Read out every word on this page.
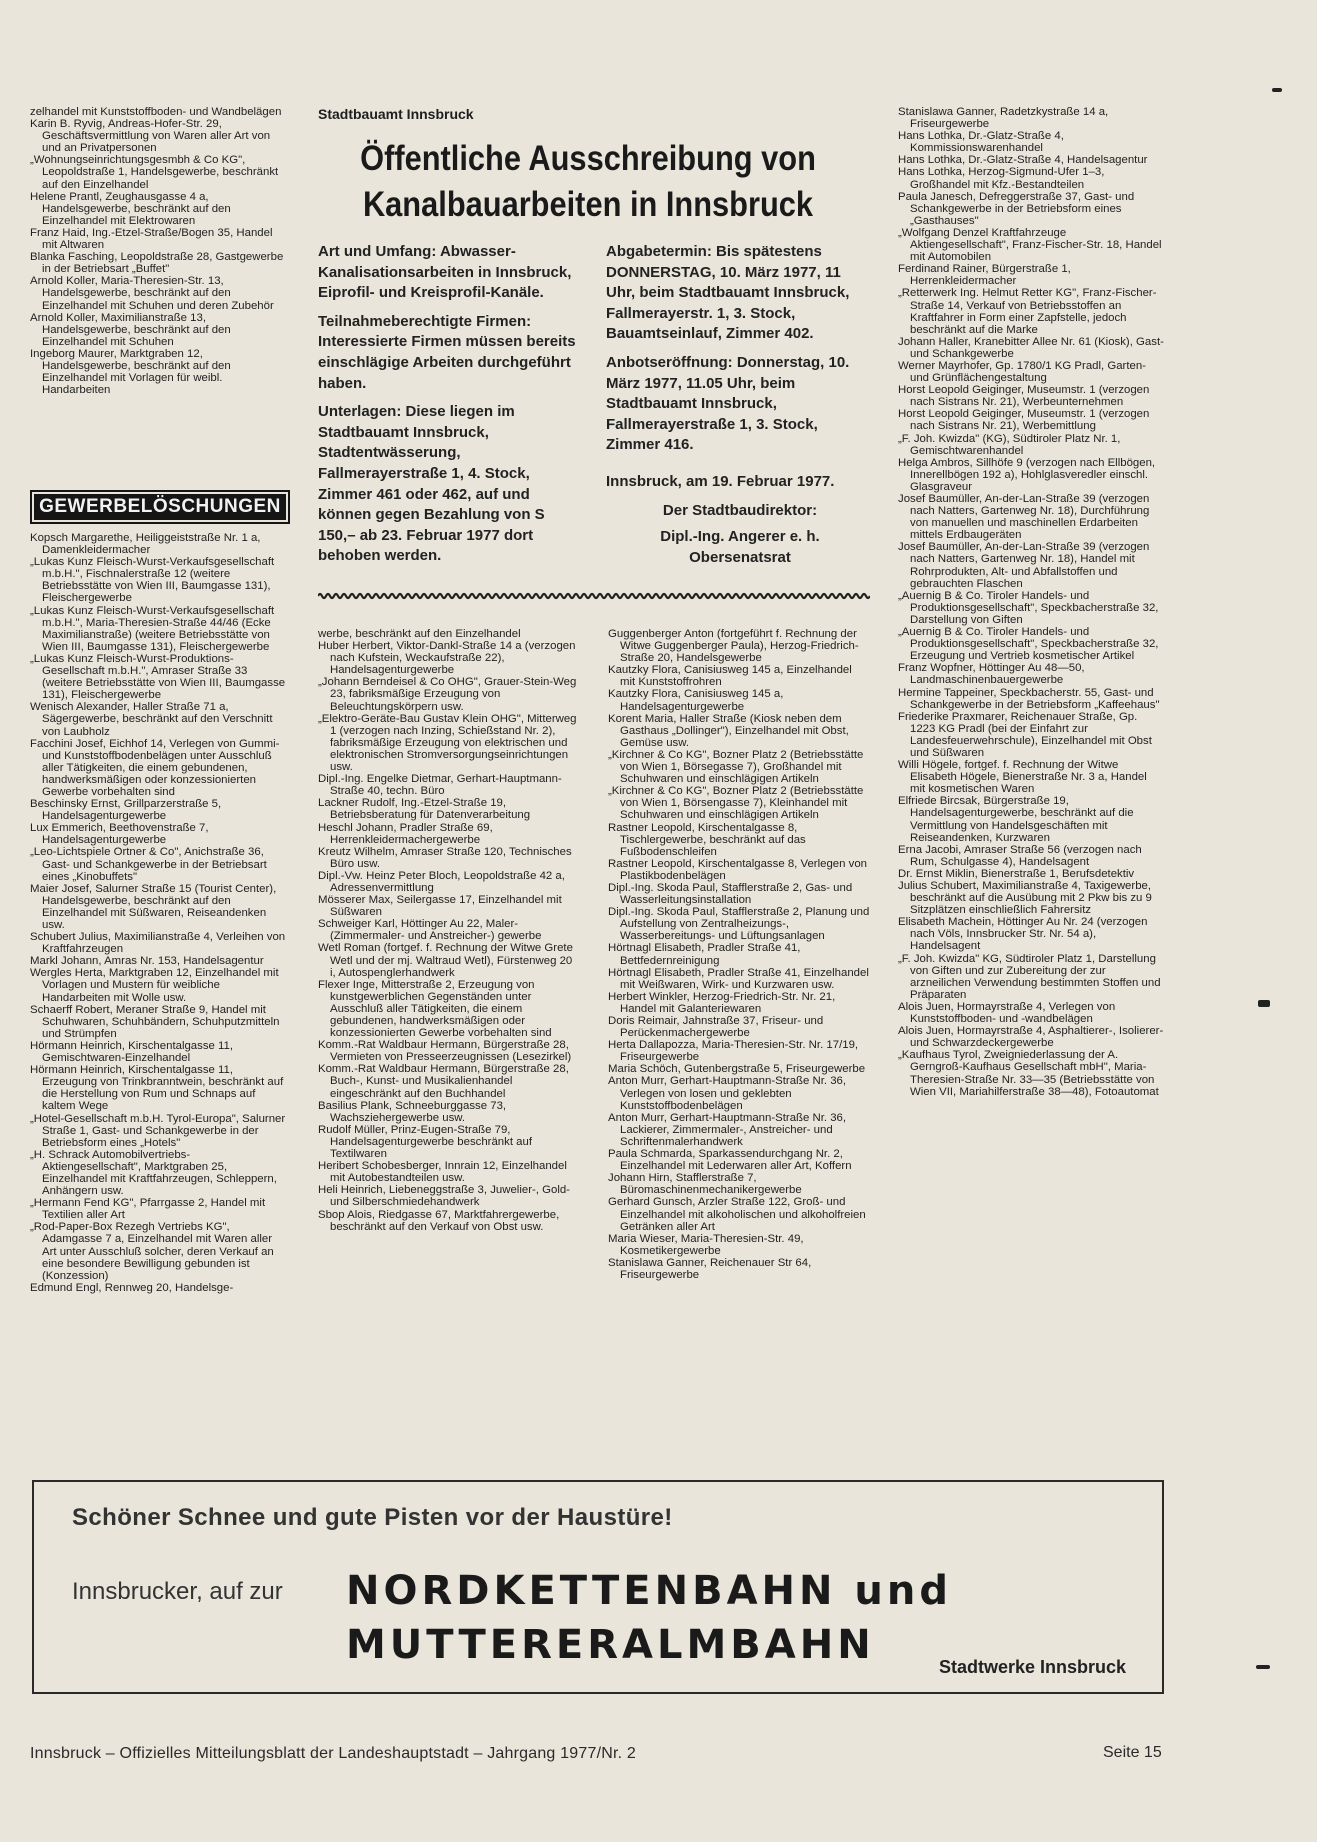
zelhandel mit Kunststoffboden- und Wandbelägen
Karin B. Ryvig, Andreas-Hofer-Str. 29, Geschäftsvermittlung von Waren aller Art von und an Privatpersonen
„Wohnungseinrichtungsgesmbh & Co KG", Leopoldstraße 1, Handelsgewerbe, beschränkt auf den Einzelhandel
Helene Prantl, Zeughausgasse 4 a, Handelsgewerbe, beschränkt auf den Einzelhandel mit Elektrowaren
Franz Haid, Ing.-Etzel-Straße/Bogen 35, Handel mit Altwaren
Blanka Fasching, Leopoldstraße 28, Gastgewerbe in der Betriebsart „Buffet"
Arnold Koller, Maria-Theresien-Str. 13, Handelsgewerbe, beschränkt auf den Einzelhandel mit Schuhen und deren Zubehör
Arnold Koller, Maximilianstraße 13, Handelsgewerbe, beschränkt auf den Einzelhandel mit Schuhen
Ingeborg Maurer, Marktgraben 12, Handelsgewerbe, beschränkt auf den Einzelhandel mit Vorlagen für weibl. Handarbeiten
GEWERBELÖSCHUNGEN
Kopsch Margarethe, Heiliggeiststraße Nr. 1 a, Damenkleidermacher
„Lukas Kunz Fleisch-Wurst-Verkaufsgesellschaft m.b.H.", Fischnalerstraße 12 (weitere Betriebsstätte von Wien III, Baumgasse 131), Fleischergewerbe
„Lukas Kunz Fleisch-Wurst-Verkaufsgesellschaft m.b.H.", Maria-Theresien-Straße 44/46 (Ecke Maximilianstraße) (weitere Betriebsstätte von Wien III, Baumgasse 131), Fleischergewerbe
„Lukas Kunz Fleisch-Wurst-Produktions-Gesellschaft m.b.H.", Amraser Straße 33 (weitere Betriebsstätte von Wien III, Baumgasse 131), Fleischergewerbe
Wenisch Alexander, Haller Straße 71 a, Sägergewerbe, beschränkt auf den Verschnitt von Laubholz
Facchini Josef, Eichhof 14, Verlegen von Gummi- und Kunststoffbodenbelägen unter Ausschluß aller Tätigkeiten, die einem gebundenen, handwerksmäßigen oder konzessionierten Gewerbe vorbehalten sind
Beschinsky Ernst, Grillparzerstraße 5, Handelsagenturgewerbe
Lux Emmerich, Beethovenstraße 7, Handelsagenturgewerbe
„Leo-Lichtspiele Ortner & Co", Anichstraße 36, Gast- und Schankgewerbe in der Betriebsart eines „Kinobuffets"
Maier Josef, Salurner Straße 15 (Tourist Center), Handelsgewerbe, beschränkt auf den Einzelhandel mit Süßwaren, Reiseandenken usw.
Schubert Julius, Maximilianstraße 4, Verleihen von Kraftfahrzeugen
Markl Johann, Amras Nr. 153, Handelsagentur
Wergles Herta, Marktgraben 12, Einzelhandel mit Vorlagen und Mustern für weibliche Handarbeiten mit Wolle usw.
Schaerff Robert, Meraner Straße 9, Handel mit Schuhwaren, Schuhbändern, Schuhputzmitteln und Strümpfen
Hörmann Heinrich, Kirschentalgasse 11, Gemischtwaren-Einzelhandel
Hörmann Heinrich, Kirschentalgasse 11, Erzeugung von Trinkbranntwein, beschränkt auf die Herstellung von Rum und Schnaps auf kaltem Wege
„Hotel-Gesellschaft m.b.H. Tyrol-Europa", Salurner Straße 1, Gast- und Schankgewerbe in der Betriebsform eines „Hotels"
„H. Schrack Automobilvertriebs-Aktiengesellschaft", Marktgraben 25, Einzelhandel mit Kraftfahrzeugen, Schleppern, Anhängern usw.
„Hermann Fend KG", Pfarrgasse 2, Handel mit Textilien aller Art
„Rod-Paper-Box Rezegh Vertriebs KG", Adamgasse 7 a, Einzelhandel mit Waren aller Art unter Ausschluß solcher, deren Verkauf an eine besondere Bewilligung gebunden ist (Konzession)
Edmund Engl, Rennweg 20, Handelsge-
Stadtbauamt Innsbruck
Öffentliche Ausschreibung von
Kanalbauarbeiten in Innsbruck

Art und Umfang: Abwasser-Kanalisationsarbeiten in Innsbruck, Eiprofil- und Kreisprofil-Kanäle.

Teilnahmeberechtigte Firmen: Interessierte Firmen müssen bereits einschlägige Arbeiten durchgeführt haben.

Unterlagen: Diese liegen im Stadtbauamt Innsbruck, Stadtentwässerung, Fallmerayerstraße 1, 4. Stock, Zimmer 461 oder 462, auf und können gegen Bezahlung von S 150,– ab 23. Februar 1977 dort behoben werden.

Abgabetermin: Bis spätestens DONNERSTAG, 10. März 1977, 11 Uhr, beim Stadtbauamt Innsbruck, Fallmerayerstr. 1, 3. Stock, Bauamtseinlauf, Zimmer 402.

Anbotseröffnung: Donnerstag, 10. März 1977, 11.05 Uhr, beim Stadtbauamt Innsbruck, Fallmerayerstraße 1, 3. Stock, Zimmer 416.

Innsbruck, am 19. Februar 1977.

Der Stadtbaudirektor:
Dipl.-Ing. Angerer e. h.
Obersenatsrat
werbe, beschränkt auf den Einzelhandel
Huber Herbert, Viktor-Dankl-Straße 14 a (verzogen nach Kufstein, Weckaufstraße 22), Handelsagenturgewerbe
„Johann Berndeisel & Co OHG", Grauer-Stein-Weg 23, fabriksmäßige Erzeugung von Beleuchtungskörpern usw.
„Elektro-Geräte-Bau Gustav Klein OHG", Mitterweg 1 (verzogen nach Inzing, Schießstand Nr. 2), fabriksmäßige Erzeugung von elektrischen und elektronischen Stromversorgungseinrichtungen usw.
Dipl.-Ing. Engelke Dietmar, Gerhart-Hauptmann-Straße 40, techn. Büro
Lackner Rudolf, Ing.-Etzel-Straße 19, Betriebsberatung für Datenverarbeitung
Heschl Johann, Pradler Straße 69, Herrenkleidermachergewerbe
Kreutz Wilhelm, Amraser Straße 120, Technisches Büro usw.
Dipl.-Vw. Heinz Peter Bloch, Leopoldstraße 42 a, Adressenvermittlung
Mösserer Max, Seilergasse 17, Einzelhandel mit Süßwaren
Schweiger Karl, Höttinger Au 22, Maler-(Zimmermaler- und Anstreicher-) gewerbe
Wetl Roman (fortgef. f. Rechnung der Witwe Grete Wetl und der mj. Waltraud Wetl), Fürstenweg 20 i, Autospenglerhandwerk
Flexer Inge, Mitterstraße 2, Erzeugung von kunstgewerblichen Gegenständen unter Ausschluß aller Tätigkeiten, die einem gebundenen, handwerksmäßigen oder konzessionierten Gewerbe vorbehalten sind
Komm.-Rat Waldbaur Hermann, Bürgerstraße 28, Vermieten von Presseerzeugnissen (Lesezirkel)
Komm.-Rat Waldbaur Hermann, Bürgerstraße 28, Buch-, Kunst- und Musikalienhandel eingeschränkt auf den Buchhandel
Basilius Plank, Schneeburggasse 73, Wachsziehergewerbe usw.
Rudolf Müller, Prinz-Eugen-Straße 79, Handelsagenturgewerbe beschränkt auf Textilwaren
Heribert Schobesberger, Innrain 12, Einzelhandel mit Autobestandteilen usw.
Heli Heinrich, Liebeneggstraße 3, Juwelier-, Gold- und Silberschmiedehandwerk
Sbop Alois, Riedgasse 67, Marktfahrergewerbe, beschränkt auf den Verkauf von Obst usw.
Guggenberger Anton (fortgeführt f. Rechnung der Witwe Guggenberger Paula), Herzog-Friedrich-Straße 20, Handelsgewerbe
Kautzky Flora, Canisiusweg 145 a, Einzelhandel mit Kunststoffrohren
Kautzky Flora, Canisiusweg 145 a, Handelsagenturgewerbe
Korent Maria, Haller Straße (Kiosk neben dem Gasthaus „Dollinger"), Einzelhandel mit Obst, Gemüse usw.
„Kirchner & Co KG", Bozner Platz 2 (Betriebsstätte von Wien 1, Börsegasse 7), Großhandel mit Schuhwaren und einschlägigen Artikeln
„Kirchner & Co KG", Bozner Platz 2 (Betriebsstätte von Wien 1, Börsengasse 7), Kleinhandel mit Schuhwaren und einschlägigen Artikeln
Rastner Leopold, Kirschentalgasse 8, Tischlergewerbe, beschränkt auf das Fußbodenschleifen
Rastner Leopold, Kirschentalgasse 8, Verlegen von Plastikbodenbelägen
Dipl.-Ing. Skoda Paul, Stafflerstraße 2, Gas- und Wasserleitungsinstallation
Dipl.-Ing. Skoda Paul, Stafflerstraße 2, Planung und Aufstellung von Zentralheizungs-, Wasserbereitungs- und Lüftungsanlagen
Hörtnagl Elisabeth, Pradler Straße 41, Bettfedernreinigung
Hörtnagl Elisabeth, Pradler Straße 41, Einzelhandel mit Weißwaren, Wirk- und Kurzwaren usw.
Herbert Winkler, Herzog-Friedrich-Str. Nr. 21, Handel mit Galanteriewaren
Doris Reimair, Jahnstraße 37, Friseur- und Perückenmachergewerbe
Herta Dallapozza, Maria-Theresien-Str. Nr. 17/19, Friseurgewerbe
Maria Schöch, Gutenbergstraße 5, Friseurgewerbe
Anton Murr, Gerhart-Hauptmann-Straße Nr. 36, Verlegen von losen und geklebten Kunststoffbodenbelägen
Anton Murr, Gerhart-Hauptmann-Straße Nr. 36, Lackierer, Zimmermaler-, Anstreicher- und Schriftenmalerhandwerk
Paula Schmarda, Sparkassendurchgang Nr. 2, Einzelhandel mit Lederwaren aller Art, Koffern
Johann Hirn, Stafflerstraße 7, Büromaschinenmechanikergewerbe
Gerhard Gunsch, Arzler Straße 122, Groß- und Einzelhandel mit alkoholischen und alkoholfreien Getränken aller Art
Maria Wieser, Maria-Theresien-Str. 49, Kosmetikergewerbe
Stanislawa Ganner, Reichenauer Str 64, Friseurgewerbe
Stanislawa Ganner, Radetzkystraße 14 a, Friseurgewerbe
Hans Lothka, Dr.-Glatz-Straße 4, Kommissionswarenhandel
Hans Lothka, Dr.-Glatz-Straße 4, Handelsagentur
Hans Lothka, Herzog-Sigmund-Ufer 1–3, Großhandel mit Kfz.-Bestandteilen
Paula Janesch, Defreggerstraße 37, Gast- und Schankgewerbe in der Betriebsform eines „Gasthauses"
„Wolfgang Denzel Kraftfahrzeuge Aktiengesellschaft", Franz-Fischer-Str. 18, Handel mit Automobilen
Ferdinand Rainer, Bürgerstraße 1, Herrenkleidermacher
„Retterwerk Ing. Helmut Retter KG", Franz-Fischer-Straße 14, Verkauf von Betriebsstoffen an Kraftfahrer in Form einer Zapfstelle, jedoch beschränkt auf die Marke
Johann Haller, Kranebitter Allee Nr. 61 (Kiosk), Gast- und Schankgewerbe
Werner Mayrhofer, Gp. 1780/1 KG Pradl, Garten- und Grünflächengestaltung
Horst Leopold Geiginger, Museumstr. 1 (verzogen nach Sistrans Nr. 21), Werbeunternehmen
Horst Leopold Geiginger, Museumstr. 1 (verzogen nach Sistrans Nr. 21), Werbemittlung
„F. Joh. Kwizda" (KG), Südtiroler Platz Nr. 1, Gemischtwarenhandel
Helga Ambros, Sillhöfe 9 (verzogen nach Ellbögen, Innerellbögen 192 a), Hohlglasveredler einschl. Glasgraveur
Josef Baumüller, An-der-Lan-Straße 39 (verzogen nach Natters, Gartenweg Nr. 18), Durchführung von manuellen und maschinellen Erdarbeiten mittels Erdbaugeräten
Josef Baumüller, An-der-Lan-Straße 39 (verzogen nach Natters, Gartenweg Nr. 18), Handel mit Rohrprodukten, Alt- und Abfallstoffen und gebrauchten Flaschen
„Auernig B & Co. Tiroler Handels- und Produktionsgesellschaft", Speckbacherstraße 32, Darstellung von Giften
„Auernig B & Co. Tiroler Handels- und Produktionsgesellschaft", Speckbacherstraße 32, Erzeugung und Vertrieb kosmetischer Artikel
Franz Wopfner, Höttinger Au 48—50, Landmaschinenbauergewerbe
Hermine Tappeiner, Speckbacherstr. 55, Gast- und Schankgewerbe in der Betriebsform „Kaffeehaus"
Friederike Praxmarer, Reichenauer Straße, Gp. 1223 KG Pradl (bei der Einfahrt zur Landesfeuerwehrschule), Einzelhandel mit Obst und Süßwaren
Willi Högele, fortgef. f. Rechnung der Witwe Elisabeth Högele, Bienerstraße Nr. 3 a, Handel mit kosmetischen Waren
Elfriede Bircsak, Bürgerstraße 19, Handelsagenturgewerbe, beschränkt auf die Vermittlung von Handelsgeschäften mit Reiseandenken, Kurzwaren
Erna Jacobi, Amraser Straße 56 (verzogen nach Rum, Schulgasse 4), Handelsagent
Dr. Ernst Miklin, Bienerstraße 1, Berufsdetektiv
Julius Schubert, Maximilianstraße 4, Taxigewerbe, beschränkt auf die Ausübung mit 2 Pkw bis zu 9 Sitzplätzen einschließlich Fahrersitz
Elisabeth Machein, Höttinger Au Nr. 24 (verzogen nach Völs, Innsbrucker Str. Nr. 54 a), Handelsagent
„F. Joh. Kwizda" KG, Südtiroler Platz 1, Darstellung von Giften und zur Zubereitung der zur arzneilichen Verwendung bestimmten Stoffen und Präparaten
Alois Juen, Hormayrstraße 4, Verlegen von Kunststoffboden- und -wandbelägen
Alois Juen, Hormayrstraße 4, Asphaltierer-, Isolierer- und Schwarzdeckergewerbe
„Kaufhaus Tyrol, Zweigniederlassung der A. Gerngroß-Kaufhaus Gesellschaft mbH", Maria-Theresien-Straße Nr. 33—35 (Betriebsstätte von Wien VII, Mariahilferstraße 38—48), Fotoautomat
Schöner Schnee und gute Pisten vor der Haustüre!
Innsbrucker, auf zur NORDKETTENBAHN und
MUTTERERALMBAHN	Stadtwerke Innsbruck
Innsbruck – Offizielles Mitteilungsblatt der Landeshauptstadt – Jahrgang 1977/Nr. 2	Seite 15
